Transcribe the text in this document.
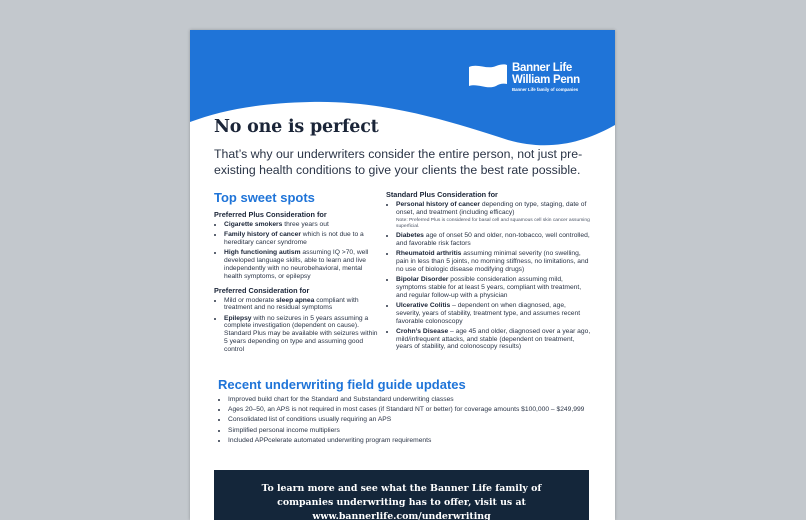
Banner Life
William Penn
Banner Life family of companies
No one is perfect

That’s why our underwriters consider the entire person, not just pre-existing health conditions to give your clients the best rate possible.

Top sweet spots
Preferred Plus Consideration for
• Cigarette smokers three years out
• Family history of cancer which is not due to a hereditary cancer syndrome
• High functioning autism assuming IQ >70, well developed language skills, able to learn and live independently with no neurobehavioral, mental health symptoms, or epilepsy
Preferred Consideration for
• Mild or moderate sleep apnea compliant with treatment and no residual symptoms
• Epilepsy with no seizures in 5 years assuming a complete investigation (dependent on cause). Standard Plus may be available with seizures within 5 years depending on type and assuming good control
Standard Plus Consideration for
• Personal history of cancer depending on type, staging, date of onset, and treatment (including efficacy)
Note: Preferred Plus is considered for basal cell and squamous cell skin cancer assuming superficial.
• Diabetes age of onset 50 and older, non-tobacco, well controlled, and favorable risk factors
• Rheumatoid arthritis assuming minimal severity (no swelling, pain in less than 5 joints, no morning stiffness, no limitations, and no use of biologic disease modifying drugs)
• Bipolar Disorder possible consideration assuming mild, symptoms stable for at least 5 years, compliant with treatment, and regular follow-up with a physician
• Ulcerative Colitis – dependent on when diagnosed, age, severity, years of stability, treatment type, and assumes recent favorable colonoscopy
• Crohn’s Disease – age 45 and older, diagnosed over a year ago, mild/infrequent attacks, and stable (dependent on treatment, years of stability, and colonoscopy results)
Recent underwriting field guide updates
• Improved build chart for the Standard and Substandard underwriting classes
• Ages 20–50, an APS is not required in most cases (if Standard NT or better) for coverage amounts $100,000 – $249,999
• Consolidated list of conditions usually requiring an APS
• Simplified personal income multipliers
• Included APPcelerate automated underwriting program requirements

To learn more and see what the Banner Life family of companies underwriting has to offer, visit us at www.bannerlife.com/underwriting
